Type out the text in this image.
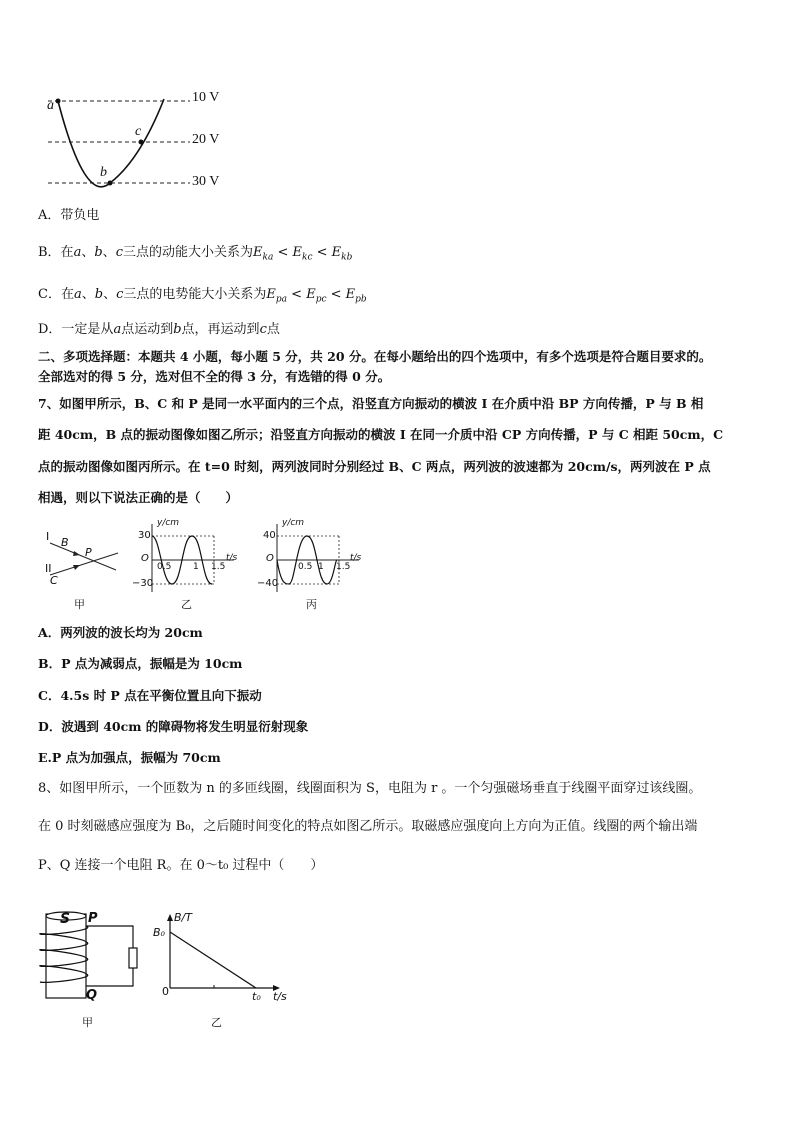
a
b
c
10 V
20 V
30 V
A．带负电
B．在a、b、c三点的动能大小关系为$E_{ka} < E_{kc} < E_{kb}$
C．在a、b、c三点的电势能大小关系为$E_{pa} < E_{pc} < E_{pb}$
D．一定是从a点运动到b点，再运动到c点
二、多项选择题：本题共 4 小题，每小题 5 分，共 20 分。在每小题给出的四个选项中，有多个选项是符合题目要求的。
全部选对的得 5 分，选对但不全的得 3 分，有选错的得 0 分。
7、如图甲所示，B、C 和 P 是同一水平面内的三个点，沿竖直方向振动的横波 I 在介质中沿 BP 方向传播，P 与 B 相
距 40cm，B 点的振动图像如图乙所示；沿竖直方向振动的横波 I 在同一介质中沿 CP 方向传播，P 与 C 相距 50cm，C
点的振动图像如图丙所示。在 t=0 时刻，两列波同时分别经过 B、C 两点，两列波的波速都为 20cm/s，两列波在 P 点
相遇，则以下说法正确的是（　　）
I B
P
II
C
甲
y/cm
30
O
−30
0.5 1 1.5
t/s
乙
y/cm
40
O
−40
0.5 1 1.5
t/s
丙
A．两列波的波长均为 20cm
B．P 点为减弱点，振幅是为 10cm
C．4.5s 时 P 点在平衡位置且向下振动
D．波遇到 40cm 的障碍物将发生明显衍射现象
E.P 点为加强点，振幅为 70cm
8、如图甲所示，一个匝数为 n 的多匝线圈，线圈面积为 S，电阻为 r 。一个匀强磁场垂直于线圈平面穿过该线圈。
在 0 时刻磁感应强度为 B₀，之后随时间变化的特点如图乙所示。取磁感应强度向上方向为正值。线圈的两个输出端
P、Q 连接一个电阻 R。在 0～t₀ 过程中（　　）
S P
Q
甲
B/T
B₀
0	t₀ t/s
乙
